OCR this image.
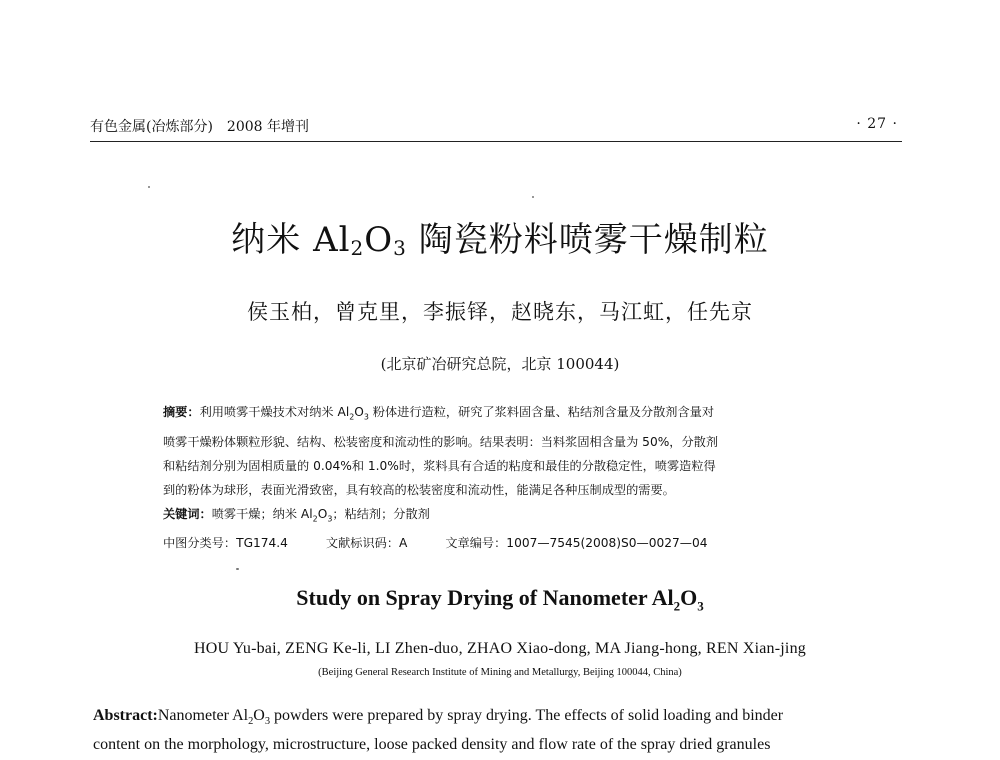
有色金属(冶炼部分)　2008 年增刊	· 27 ·
纳米 $Al_2O_3$ 陶瓷粉料喷雾干燥制粒
侯玉柏，曾克里，李振铎，赵晓东，马江虹，任先京
(北京矿冶研究总院，北京 100044)
摘要：利用喷雾干燥技术对纳米 $Al_2O_3$ 粉体进行造粒，研究了浆料固含量、粘结剂含量及分散剂含量对
喷雾干燥粉体颗粒形貌、结构、松装密度和流动性的影响。结果表明：当料浆固相含量为 50%，分散剂
和粘结剂分别为固相质量的 0.04%和 1.0%时，浆料具有合适的粘度和最佳的分散稳定性，喷雾造粒得
到的粉体为球形，表面光滑致密，具有较高的松装密度和流动性，能满足各种压制成型的需要。
关键词：喷雾干燥；纳米 $Al_2O_3$；粘结剂；分散剂
中图分类号：TG174.4	文献标识码：A	文章编号：1007—7545(2008)S0—0027—04
Study on Spray Drying of Nanometer $Al_2O_3$
HOU Yu-bai, ZENG Ke-li, LI Zhen-duo, ZHAO Xiao-dong, MA Jiang-hong, REN Xian-jing
(Beijing General Research Institute of Mining and Metallurgy, Beijing 100044, China)
Abstract:Nanometer $Al_2O_3$ powders were prepared by spray drying. The effects of solid loading and binder
content on the morphology, microstructure, loose packed density and flow rate of the spray dried granules
